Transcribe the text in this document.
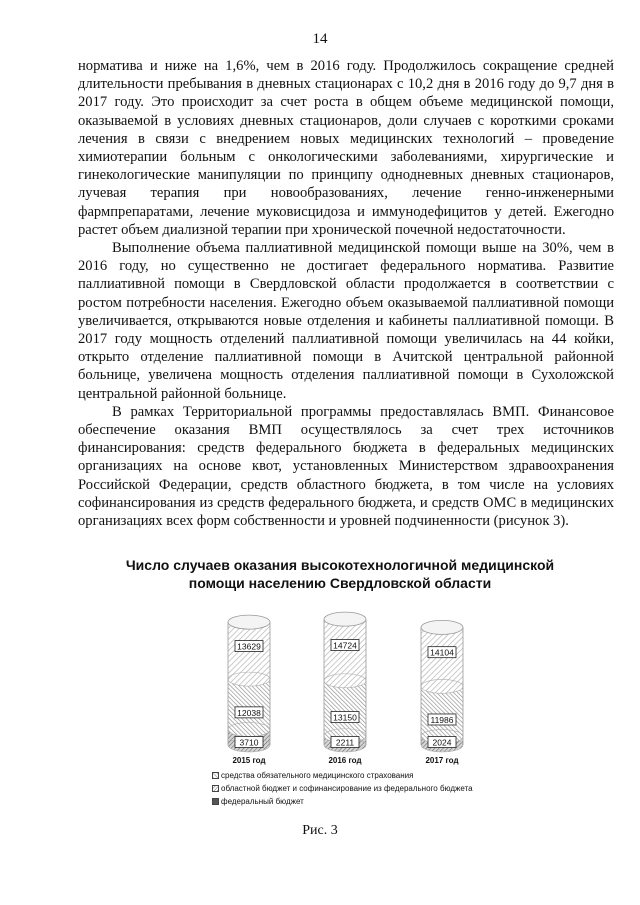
14

норматива и ниже на 1,6%, чем в 2016 году. Продолжилось сокращение средней длительности пребывания в дневных стационарах с 10,2 дня в 2016 году до 9,7 дня в 2017 году. Это происходит за счет роста в общем объеме медицинской помощи, оказываемой в условиях дневных стационаров, доли случаев с короткими сроками лечения в связи с внедрением новых медицинских технологий – проведение химиотерапии больным с онкологическими заболеваниями, хирургические и гинекологические манипуляции по принципу однодневных дневных стационаров, лучевая терапия при новообразованиях, лечение генно-инженерными фармпрепаратами, лечение муковисцидоза и иммунодефицитов у детей. Ежегодно растет объем диализной терапии при хронической почечной недостаточности.

Выполнение объема паллиативной медицинской помощи выше на 30%, чем в 2016 году, но существенно не достигает федерального норматива. Развитие паллиативной помощи в Свердловской области продолжается в соответствии с ростом потребности населения. Ежегодно объем оказываемой паллиативной помощи увеличивается, открываются новые отделения и кабинеты паллиативной помощи. В 2017 году мощность отделений паллиативной помощи увеличилась на 44 койки, открыто отделение паллиативной помощи в Ачитской центральной районной больнице, увеличена мощность отделения паллиативной помощи в Сухоложской центральной районной больнице.

В рамках Территориальной программы предоставлялась ВМП. Финансовое обеспечение оказания ВМП осуществлялось за счет трех источников финансирования: средств федерального бюджета в федеральных медицинских организациях на основе квот, установленных Министерством здравоохранения Российской Федерации, средств областного бюджета, в том числе на условиях софинансирования из средств федерального бюджета, и средств ОМС в медицинских организациях всех форм собственности и уровней подчиненности (рисунок 3).

Число случаев оказания высокотехнологичной медицинской помощи населению Свердловской области
3710
12038
13629
2015 год
2211
13150
14724
2016 год
2024
11986
14104
2017 год
средства обязательного медицинского страхования
областной бюджет и софинансирование из федерального бюджета
федеральный бюджет
Рис. 3
